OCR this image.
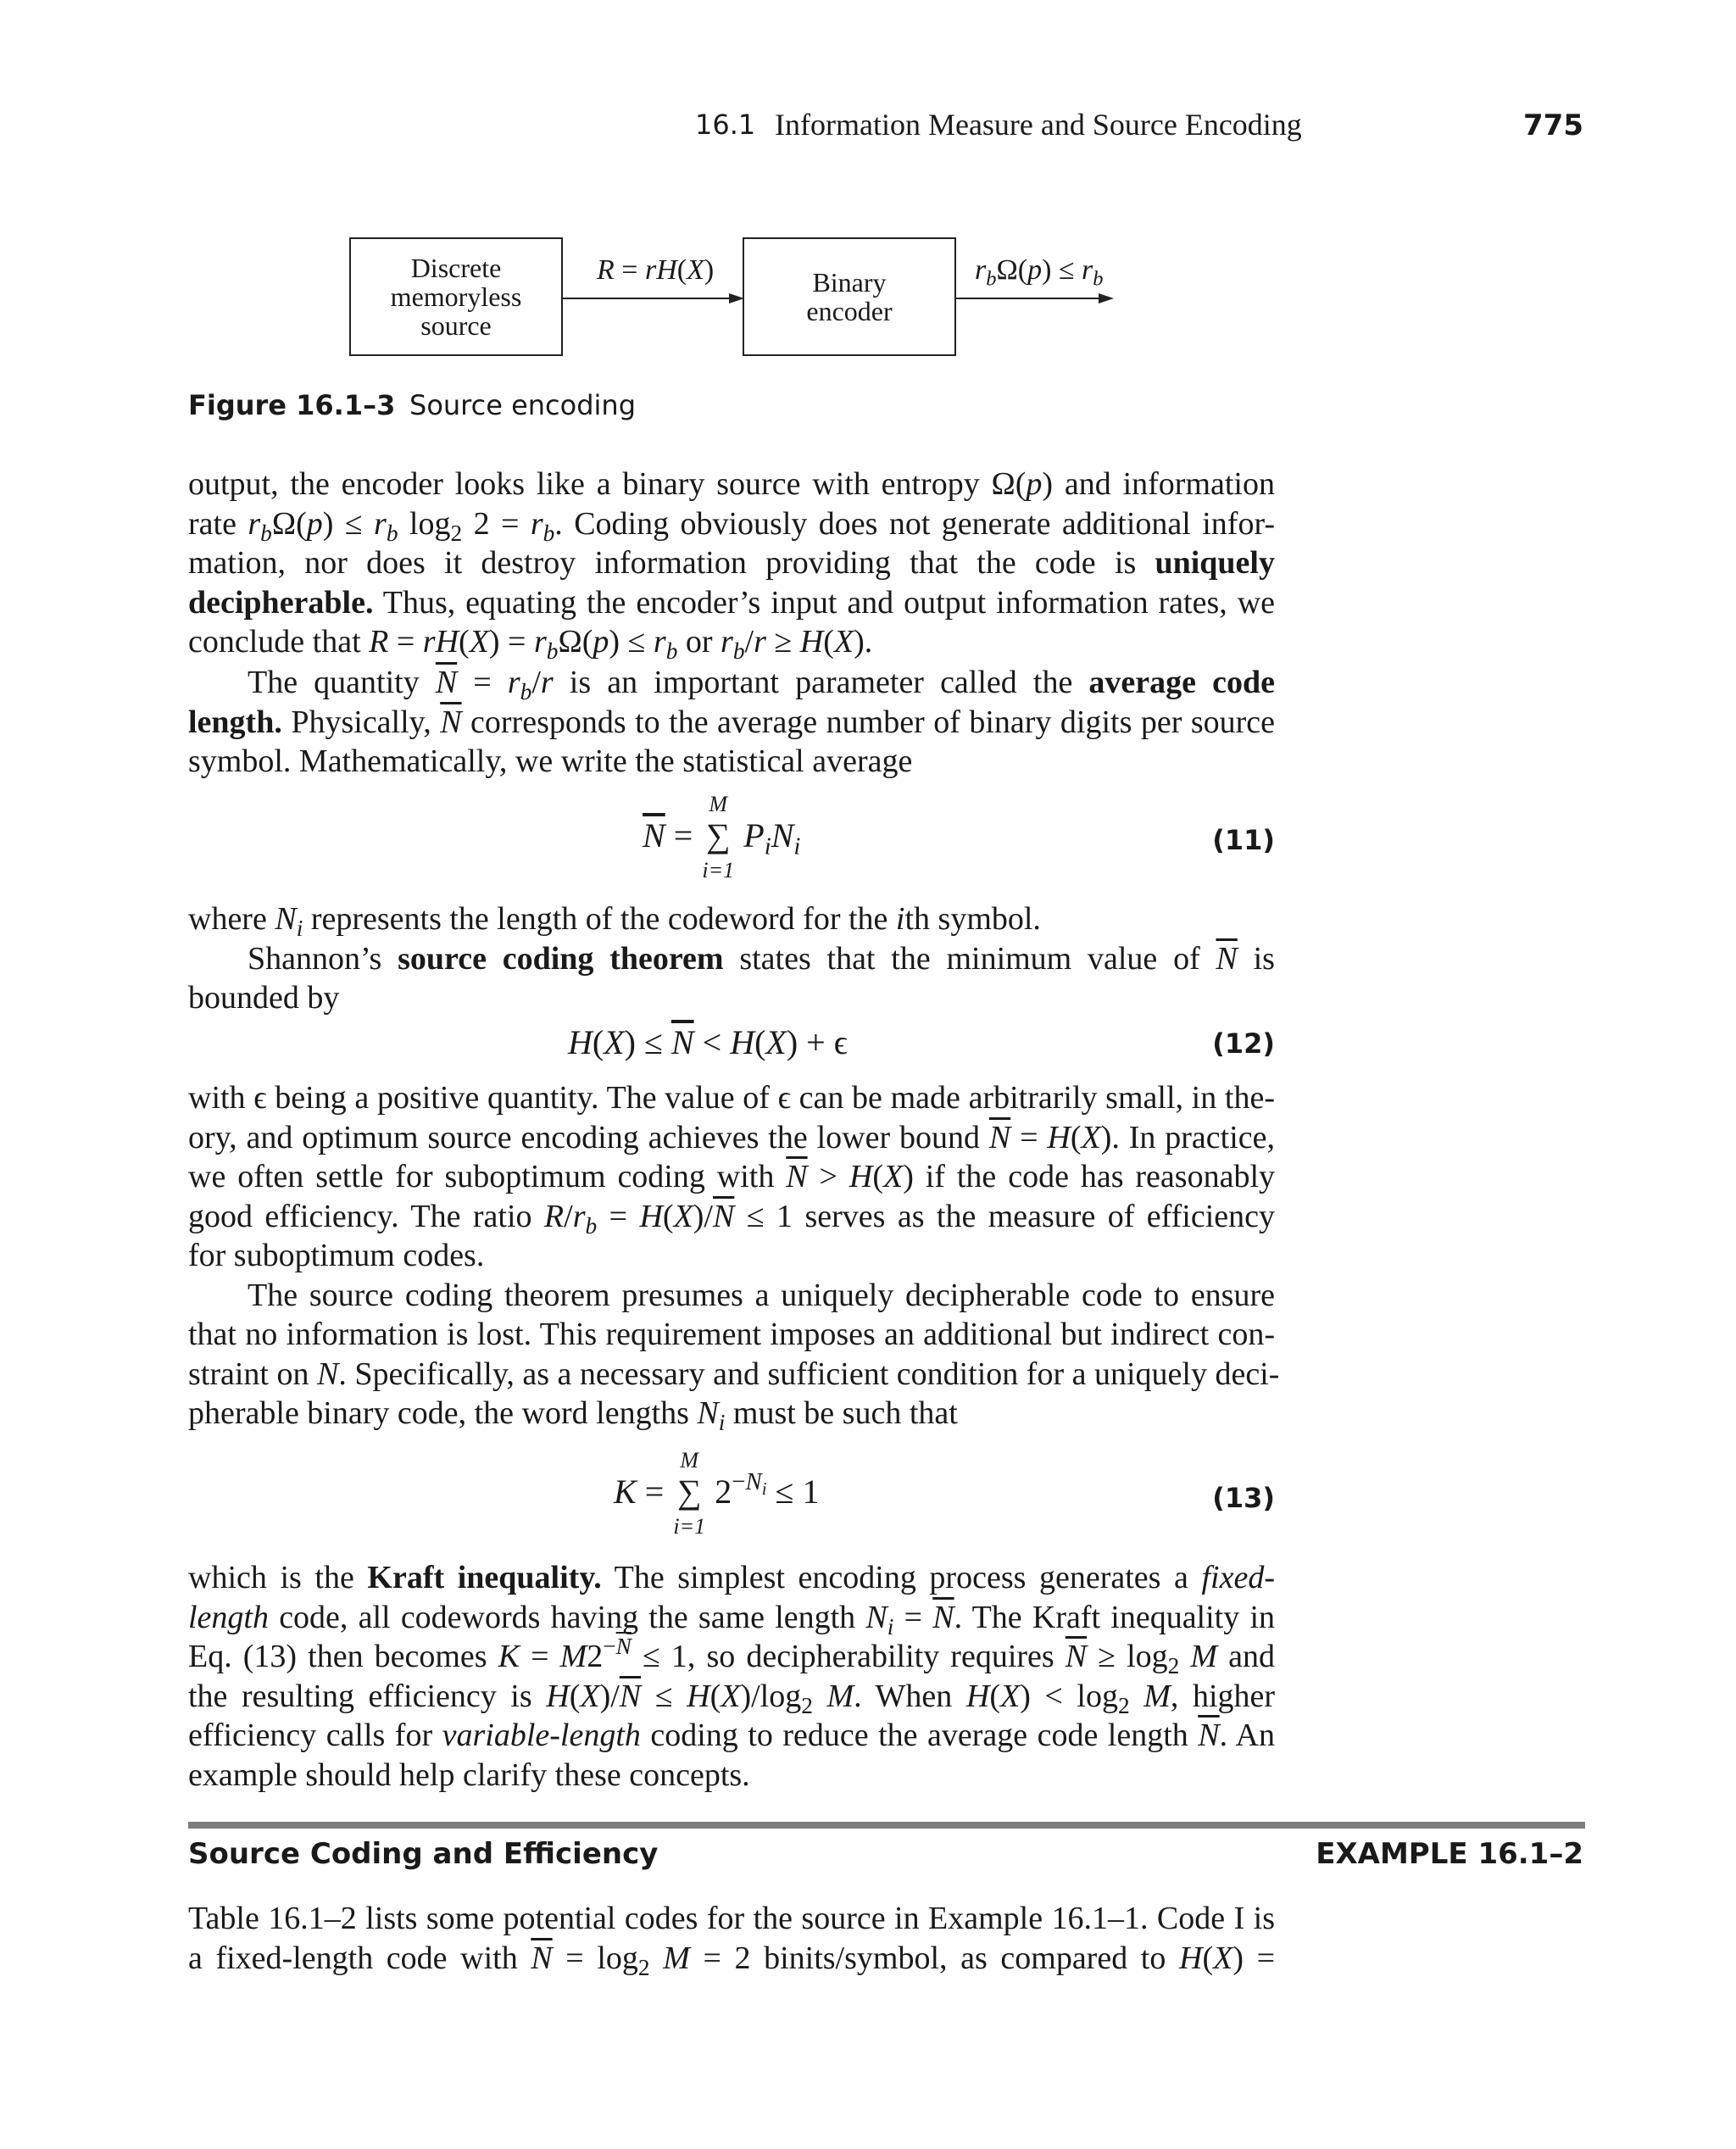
16.1 Information Measure and Source Encoding	775
Discrete
memoryless
source
R = rH(X)	Binary
encoder
$r_b\Omega(p) \le r_b$
Figure 16.1–3 Source encoding
output, the encoder looks like a binary source with entropy Ω(p) and information
rate $r_b\Omega(p) \le r_b$ $\log_2 2 = r_b$. Coding obviously does not generate additional infor-
mation, nor does it destroy information providing that the code is uniquely
decipherable. Thus, equating the encoder’s input and output information rates, we
conclude that $R = rH(X) = r_b\Omega(p) \le r_b$ or $r_b/r \ge H(X)$.
The quantity $\overline{N} = r_b/r$ is an important parameter called the average code
length. Physically, $\overline{N}$ corresponds to the average number of binary digits per source
symbol. Mathematically, we write the statistical average
$\overline{N}$ =
M
∑
i=1
$P_iN_i$	(11)
where $N_i$ represents the length of the codeword for the ith symbol.
Shannon’s source coding theorem states that the minimum value of $\overline{N}$ is
bounded by
$H(X) \le \overline{N} < H(X) + \epsilon$	(12)
with ϵ being a positive quantity. The value of ϵ can be made arbitrarily small, in the-
ory, and optimum source encoding achieves the lower bound $\overline{N} = H(X)$. In practice,
we often settle for suboptimum coding with $\overline{N} > H(X)$ if the code has reasonably
good efficiency. The ratio $R/r_b = H(X)/\overline{N} \le 1$ serves as the measure of efficiency
for suboptimum codes.
The source coding theorem presumes a uniquely decipherable code to ensure
that no information is lost. This requirement imposes an additional but indirect con-
straint on N. Specifically, as a necessary and sufficient condition for a uniquely deci-
pherable binary code, the word lengths $N_i$ must be such that
K =
M
∑
i=1
$2^{-N_i} \le 1$	(13)
which is the Kraft inequality. The simplest encoding process generates a fixed-
length code, all codewords having the same length $N_i = \overline{N}$. The Kraft inequality in
Eq. (13) then becomes $K = M2^{-\overline{N}} \le 1$, so decipherability requires $\overline{N} \ge \log_2 M$ and
the resulting efficiency is $H(X)/\overline{N} \le H(X)/\log_2$ M. When $H(X) < \log_2 M$, higher
efficiency calls for variable-length coding to reduce the average code length $\overline{N}$. An
example should help clarify these concepts.
Source Coding and Efficiency	EXAMPLE 16.1–2
Table 16.1–2 lists some potential codes for the source in Example 16.1–1. Code I is
a fixed-length code with $\overline{N} = \log_2 M = 2$ binits/symbol, as compared to H(X) =
